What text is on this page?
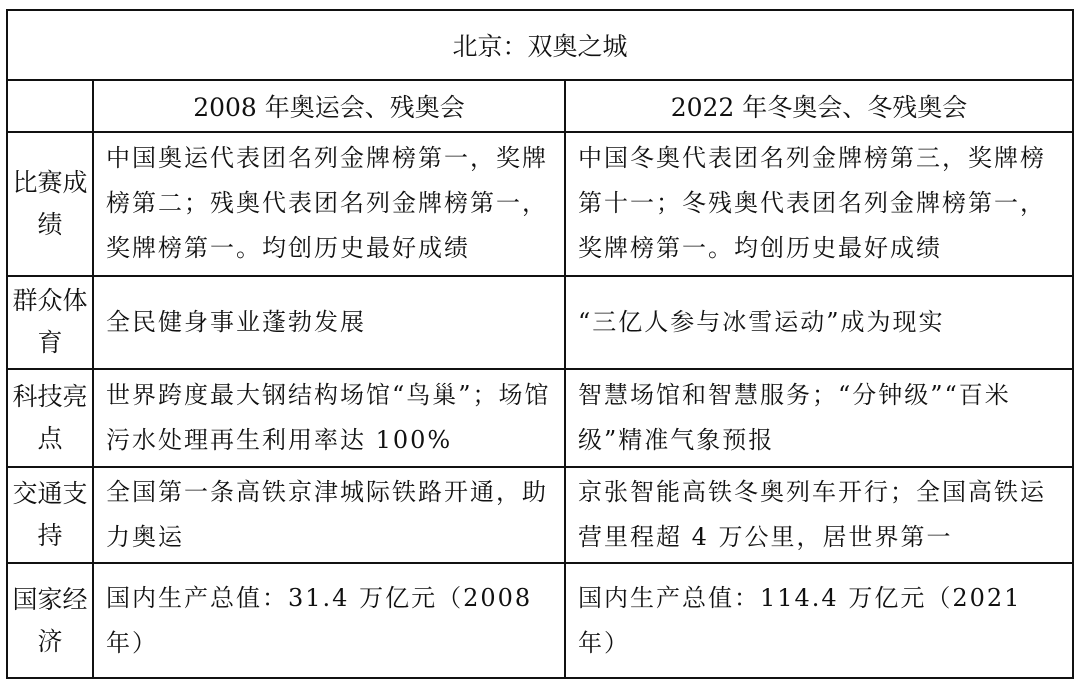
北京：双奥之城		
	2008 年奥运会、残奥会	2022 年冬奥会、冬残奥会
比赛成绩	中国奥运代表团名列金牌榜第一，奖牌榜第二；残奥代表团名列金牌榜第一，奖牌榜第一。均创历史最好成绩	中国冬奥代表团名列金牌榜第三，奖牌榜第十一；冬残奥代表团名列金牌榜第一，奖牌榜第一。均创历史最好成绩
群众体育	全民健身事业蓬勃发展	“三亿人参与冰雪运动”成为现实
科技亮点	世界跨度最大钢结构场馆“鸟巢”；场馆污水处理再生利用率达 100%	智慧场馆和智慧服务；“分钟级”“百米级”精准气象预报
交通支持	全国第一条高铁京津城际铁路开通，助力奥运	京张智能高铁冬奥列车开行；全国高铁运营里程超 4 万公里，居世界第一
国家经济	国内生产总值：31.4 万亿元（2008 年）	国内生产总值：114.4 万亿元（2021 年）
